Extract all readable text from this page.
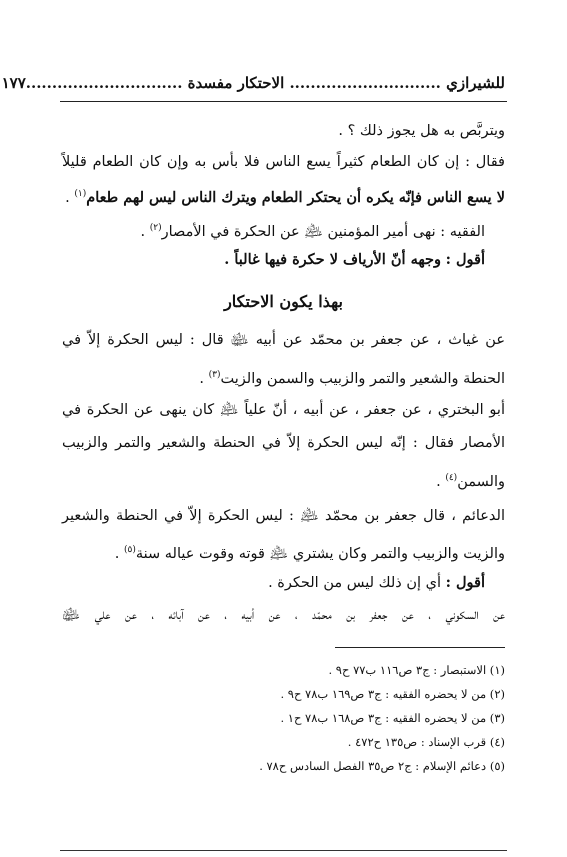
للشيرازي ............................. الاحتكار مفسدة ..............................
١٧٧
ويتربَّص به هل يجوز ذلك ؟ .
فقال : إن كان الطعام كثيراً يسع الناس فلا بأس به وإن كان الطعام قليلاً
لا يسع الناس فإنّه يكره أن يحتكر الطعام ويترك الناس ليس لهم طعام$^{(١)}$ .
الفقيه : نهى أمير المؤمنين ﵇ عن الحكرة في الأمصار$^{(٢)}$ .
أقول : وجهه أنّ الأرياف لا حكرة فيها غالباً .
بهذا يكون الاحتكار
عن غياث ، عن جعفر بن محمّد عن أبيه ﵉ قال : ليس الحكرة إلاّ في
الحنطة والشعير والتمر والزبيب والسمن والزيت$^{(٣)}$ .
أبو البختري ، عن جعفر ، عن أبيه ، أنّ علياً ﵇ كان ينهى عن الحكرة في
الأمصار فقال : إنّه ليس الحكرة إلاّ في الحنطة والشعير والتمر والزبيب
والسمن$^{(٤)}$ .
الدعائم ، قال جعفر بن محمّد ﵇ : ليس الحكرة إلاّ في الحنطة والشعير
والزيت والزبيب والتمر وكان يشتري ﵇ قوته وقوت عياله سنة$^{(٥)}$ .
أقول : أي إن ذلك ليس من الحكرة .
عن السكوني ، عن جعفر بن محمّد ، عن أبيه ، عن آبائه ، عن علي ﵉
(١) الاستبصار : ج٣ ص١١٦ ب٧٧ ح٩ .
(٢) من لا يحضره الفقيه : ج٣ ص١٦٩ ب٧٨ ح٩ .
(٣) من لا يحضره الفقيه : ج٣ ص١٦٨ ب٧٨ ح١ .
(٤) قرب الإسناد : ص١٣٥ ح٤٧٢ .
(٥) دعائم الإسلام : ج٢ ص٣٥ الفصل السادس ح٧٨ .
